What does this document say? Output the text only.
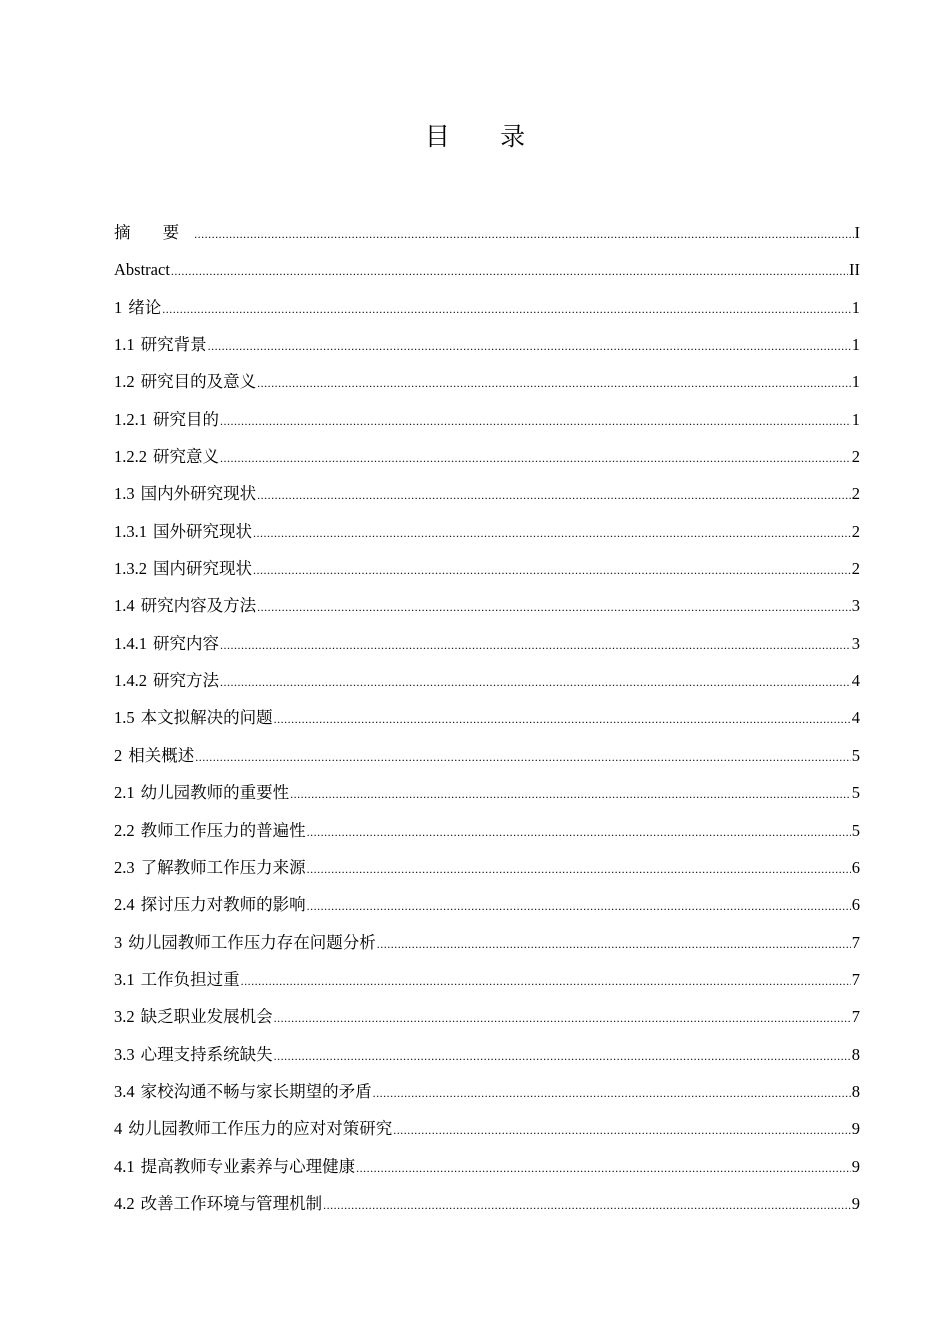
目 录
摘 要 .....	I
Abstract .....	II
1 绪论 .....	1
1.1 研究背景 .....	1
1.2 研究目的及意义 .....	1
1.2.1 研究目的 .....	1
1.2.2 研究意义 .....	2
1.3 国内外研究现状 .....	2
1.3.1 国外研究现状 .....	2
1.3.2 国内研究现状 .....	2
1.4 研究内容及方法 .....	3
1.4.1 研究内容 .....	3
1.4.2 研究方法 .....	4
1.5 本文拟解决的问题 .....	4
2 相关概述 .....	5
2.1 幼儿园教师的重要性 .....	5
2.2 教师工作压力的普遍性 .....	5
2.3 了解教师工作压力来源 .....	6
2.4 探讨压力对教师的影响 .....	6
3 幼儿园教师工作压力存在问题分析 .....	7
3.1 工作负担过重 .....	7
3.2 缺乏职业发展机会 .....	7
3.3 心理支持系统缺失 .....	8
3.4 家校沟通不畅与家长期望的矛盾 .....	8
4 幼儿园教师工作压力的应对对策研究 .....	9
4.1 提高教师专业素养与心理健康 .....	9
4.2 改善工作环境与管理机制 .....	9
